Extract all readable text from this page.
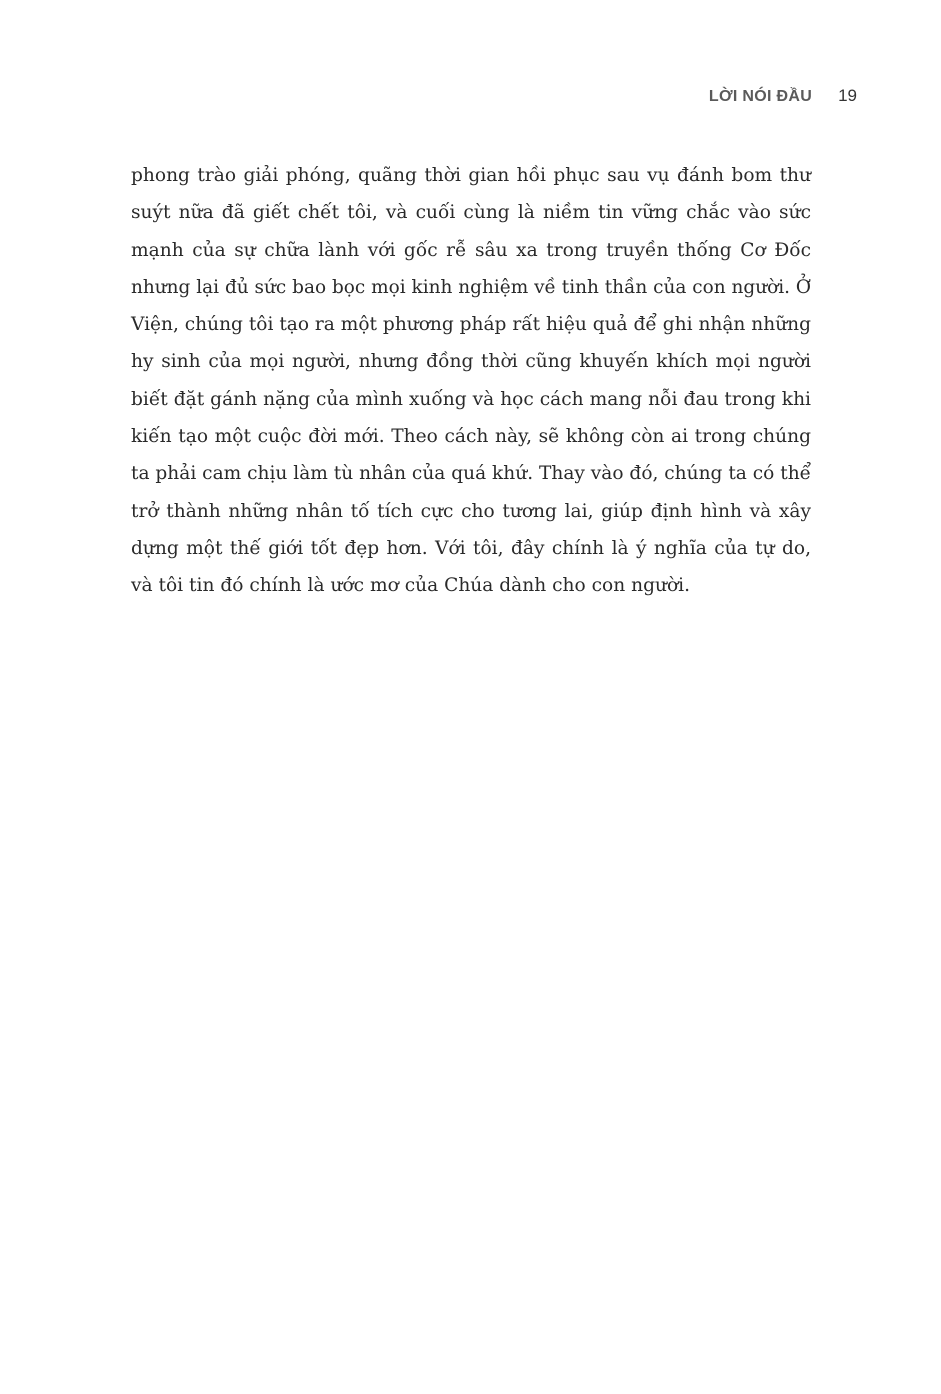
LỜI NÓI ĐẦU 19

phong trào giải phóng, quãng thời gian hồi phục sau vụ đánh bom thư
suýt nữa đã giết chết tôi, và cuối cùng là niềm tin vững chắc vào sức
mạnh của sự chữa lành với gốc rễ sâu xa trong truyền thống Cơ Đốc
nhưng lại đủ sức bao bọc mọi kinh nghiệm về tinh thần của con người. Ở
Viện, chúng tôi tạo ra một phương pháp rất hiệu quả để ghi nhận những
hy sinh của mọi người, nhưng đồng thời cũng khuyến khích mọi người
biết đặt gánh nặng của mình xuống và học cách mang nỗi đau trong khi
kiến tạo một cuộc đời mới. Theo cách này, sẽ không còn ai trong chúng
ta phải cam chịu làm tù nhân của quá khứ. Thay vào đó, chúng ta có thể
trở thành những nhân tố tích cực cho tương lai, giúp định hình và xây
dựng một thế giới tốt đẹp hơn. Với tôi, đây chính là ý nghĩa của tự do,
và tôi tin đó chính là ước mơ của Chúa dành cho con người.
